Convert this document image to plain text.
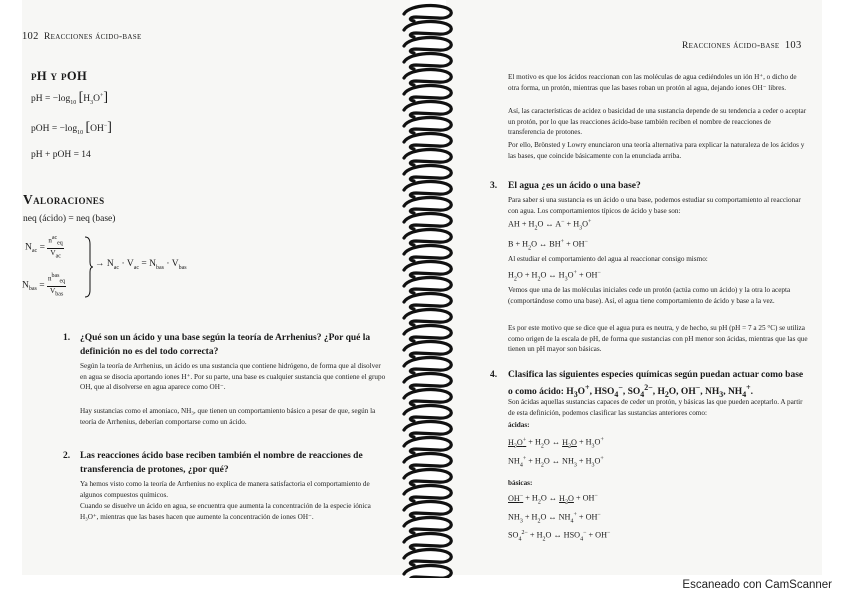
102 Reacciones ácido-base
pH y pOH
pH = $-\log_{10}$ $[H_3O^+]$
pOH = $-\log_{10}$ [OH−]
pH + pOH = 14
Valoraciones
neq (ácido) = neq (base)
$N_{ac} = \frac{n^{ac}_{eq}}{V_{ac}}$
$N_{bas} = \frac{n^{bas}_{eq}}{V_{bas}}$
→ $N_{ac} \cdot V_{ac} = N_{bas} \cdot V_{bas}$
1. ¿Qué son un ácido y una base según la teoría de Arrhenius? ¿Por qué la
definición no es del todo correcta?
Según la teoría de Arrhenius, un ácido es una sustancia que contiene hidrógeno, de forma que al disolver en agua se disocia aportando iones H⁺. Por su parte, una base es cualquier sustancia que contiene el grupo OH, que al disolverse en agua aparece como OH⁻.
Hay sustancias como el amoniaco, NH₃, que tienen un comportamiento básico a pesar de que, según la teoría de Arrhenius, deberían comportarse como un ácido.
2. Las reacciones ácido base reciben también el nombre de reacciones de
transferencia de protones, ¿por qué?
Ya hemos visto como la teoría de Arrhenius no explica de manera satisfactoria el comportamiento de algunos compuestos químicos.
Cuando se disuelve un ácido en agua, se encuentra que aumenta la concentración de la especie iónica H₃O⁺, mientras que las bases hacen que aumente la concentración de iones OH⁻.
Reacciones ácido-base 103
El motivo es que los ácidos reaccionan con las moléculas de agua cediéndoles un ión H⁺, o dicho de otra forma, un protón, mientras que las bases roban un protón al agua, dejando iones OH⁻ libres.
Así, las características de acidez o basicidad de una sustancia depende de su tendencia a ceder o aceptar un protón, por lo que las reacciones ácido-base también reciben el nombre de reacciones de transferencia de protones.
Por ello, Brönsted y Lowry enunciaron una teoría alternativa para explicar la naturaleza de los ácidos y las bases, que coincide básicamente con la enunciada arriba.
3. El agua ¿es un ácido o una base?
Para saber si una sustancia es un ácido o una base, podemos estudiar su comportamiento al reaccionar con agua. Los comportamientos típicos de ácido y base son:
AH + $H_2O$ ↔ $A^- + H_3O^+$
$B + H_2O$ ↔ BH+ + OH−
Al estudiar el comportamiento del agua al reaccionar consigo mismo:
$H_2O + H_2O$ ↔ $H_3O^+ + OH^-$
Vemos que una de las moléculas iniciales cede un protón (actúa como un ácido) y la otra lo acepta (comportándose como una base). Así, el agua tiene comportamiento de ácido y base a la vez.
Es por este motivo que se dice que el agua pura es neutra, y de hecho, su pH (pH = 7 a 25 °C) se utiliza como origen de la escala de pH, de forma que sustancias con pH menor son ácidas, mientras que las que tienen un pH mayor son básicas.
4. Clasifica las siguientes especies químicas según puedan actuar como base
o como ácido: $H_3O^+$, $HSO_4^-$, $SO_4^{2-}$, $H_2O$, OH−, $NH_3$, $NH_4^+$.
Son ácidas aquellas sustancias capaces de ceder un protón, y básicas las que pueden aceptarlo. A partir de esta definición, podemos clasificar las sustancias anteriores como:
ácidas:
$H_3O^+ + H_2O$ ↔ $H_2O + H_3O^+$
$NH_4^+ + H_2O$ ↔ $NH_3 + H_3O^+$
básicas:
$OH^- + H_2O$ ↔ $H_2O + OH^-$
$NH_3 + H_2O$ ↔ $NH_4^+ + OH^-$
$SO_4^{2-} + H_2O$ ↔ $HSO_4^- + OH^-$
Escaneado con CamScanner
